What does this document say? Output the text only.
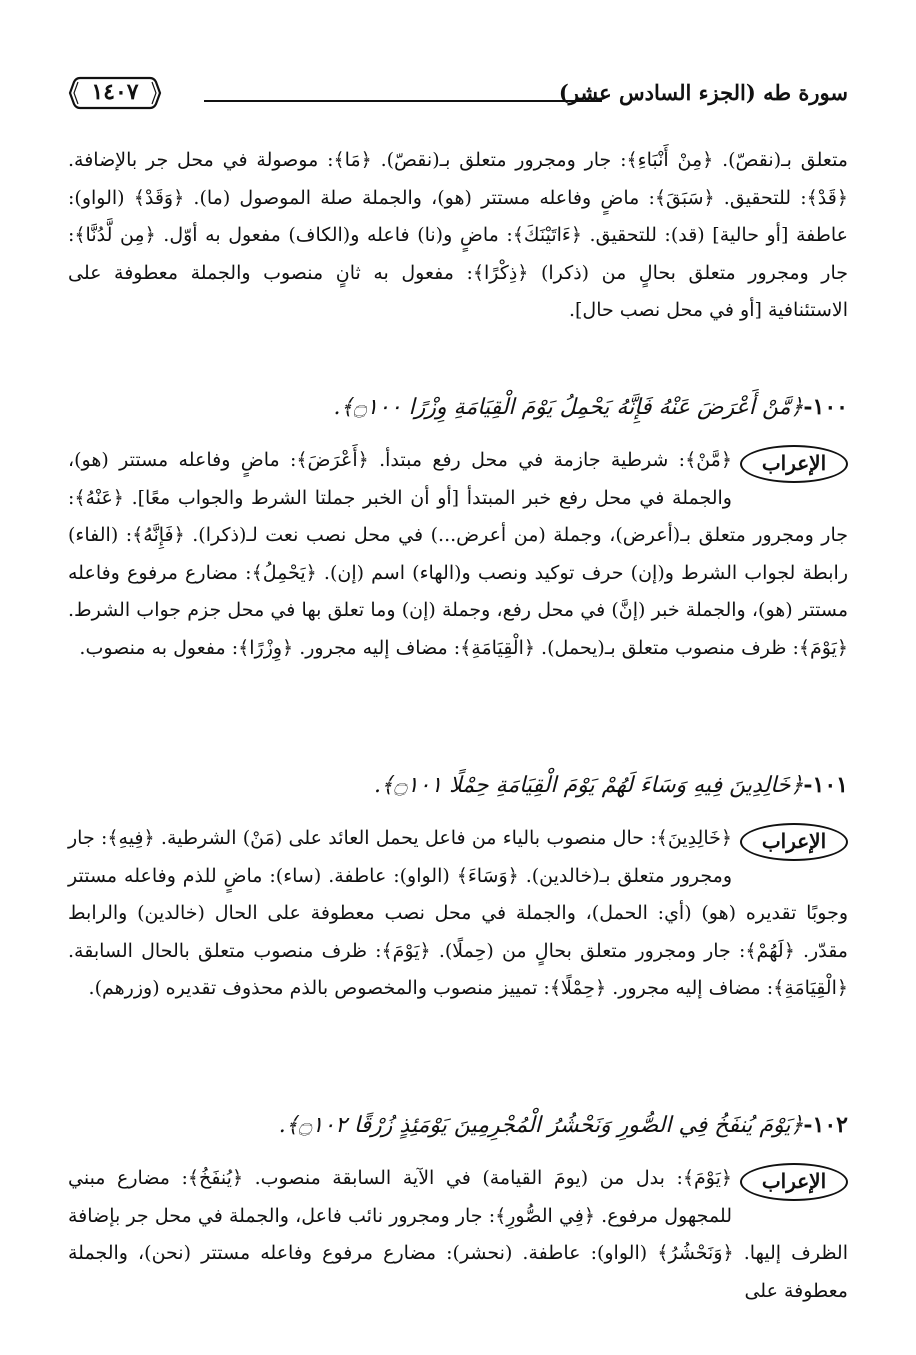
سورة طه (الجزء السادس عشر)
١٤٠٧
متعلق بـ(نقصّ). ﴿مِنْ أَنْبَاءِ﴾: جار ومجرور متعلق بـ(نقصّ). ﴿مَا﴾: موصولة في محل جر بالإضافة. ﴿قَدْ﴾: للتحقيق. ﴿سَبَقَ﴾: ماضٍ وفاعله مستتر (هو)، والجملة صلة الموصول (ما). ﴿وَقَدْ﴾ (الواو): عاطفة [أو حالية] (قد): للتحقيق. ﴿ءَاتَيْنَكَ﴾: ماضٍ و(نا) فاعله و(الكاف) مفعول به أوّل. ﴿مِن لَّدُنَّا﴾: جار ومجرور متعلق بحالٍ من (ذكرا) ﴿ذِكْرًا﴾: مفعول به ثانٍ منصوب والجملة معطوفة على الاستئنافية [أو في محل نصب حال].
١٠٠-﴿مَّنْ أَعْرَضَ عَنْهُ فَإِنَّهُ يَحْمِلُ يَوْمَ الْقِيَامَةِ وِزْرًا ۝١٠٠﴾.
الإعراب
﴿مَّنْ﴾: شرطية جازمة في محل رفع مبتدأ. ﴿أَعْرَضَ﴾: ماضٍ وفاعله مستتر (هو)، والجملة في محل رفع خبر المبتدأ [أو أن الخبر جملتا الشرط والجواب معًا]. ﴿عَنْهُ﴾: جار ومجرور متعلق بـ(أعرض)، وجملة (من أعرض...) في محل نصب نعت لـ(ذكرا). ﴿فَإِنَّهُ﴾: (الفاء) رابطة لجواب الشرط و(إن) حرف توكيد ونصب و(الهاء) اسم (إن). ﴿يَحْمِلُ﴾: مضارع مرفوع وفاعله مستتر (هو)، والجملة خبر (إنَّ) في محل رفع، وجملة (إن) وما تعلق بها في محل جزم جواب الشرط. ﴿يَوْمَ﴾: ظرف منصوب متعلق بـ(يحمل). ﴿الْقِيَامَةِ﴾: مضاف إليه مجرور. ﴿وِزْرًا﴾: مفعول به منصوب.
١٠١-﴿خَالِدِينَ فِيهِ وَسَاءَ لَهُمْ يَوْمَ الْقِيَامَةِ حِمْلًا ۝١٠١﴾.
الإعراب
﴿خَالِدِينَ﴾: حال منصوب بالياء من فاعل يحمل العائد على (مَنْ) الشرطية. ﴿فِيهِ﴾: جار ومجرور متعلق بـ(خالدين). ﴿وَسَاءَ﴾ (الواو): عاطفة. (ساء): ماضٍ للذم وفاعله مستتر وجوبًا تقديره (هو) (أي: الحمل)، والجملة في محل نصب معطوفة على الحال (خالدين) والرابط مقدّر. ﴿لَهُمْ﴾: جار ومجرور متعلق بحالٍ من (حِملًا). ﴿يَوْمَ﴾: ظرف منصوب متعلق بالحال السابقة. ﴿الْقِيَامَةِ﴾: مضاف إليه مجرور. ﴿حِمْلًا﴾: تمييز منصوب والمخصوص بالذم محذوف تقديره (وزرهم).
١٠٢-﴿يَوْمَ يُنفَخُ فِي الصُّورِ وَنَحْشُرُ الْمُجْرِمِينَ يَوْمَئِذٍ زُرْقًا ۝١٠٢﴾.
الإعراب
﴿يَوْمَ﴾: بدل من (يومَ القيامة) في الآية السابقة منصوب. ﴿يُنفَخُ﴾: مضارع مبني للمجهول مرفوع. ﴿فِي الصُّورِ﴾: جار ومجرور نائب فاعل، والجملة في محل جر بإضافة الظرف إليها. ﴿وَنَحْشُرُ﴾ (الواو): عاطفة. (نحشر): مضارع مرفوع وفاعله مستتر (نحن)، والجملة معطوفة على
